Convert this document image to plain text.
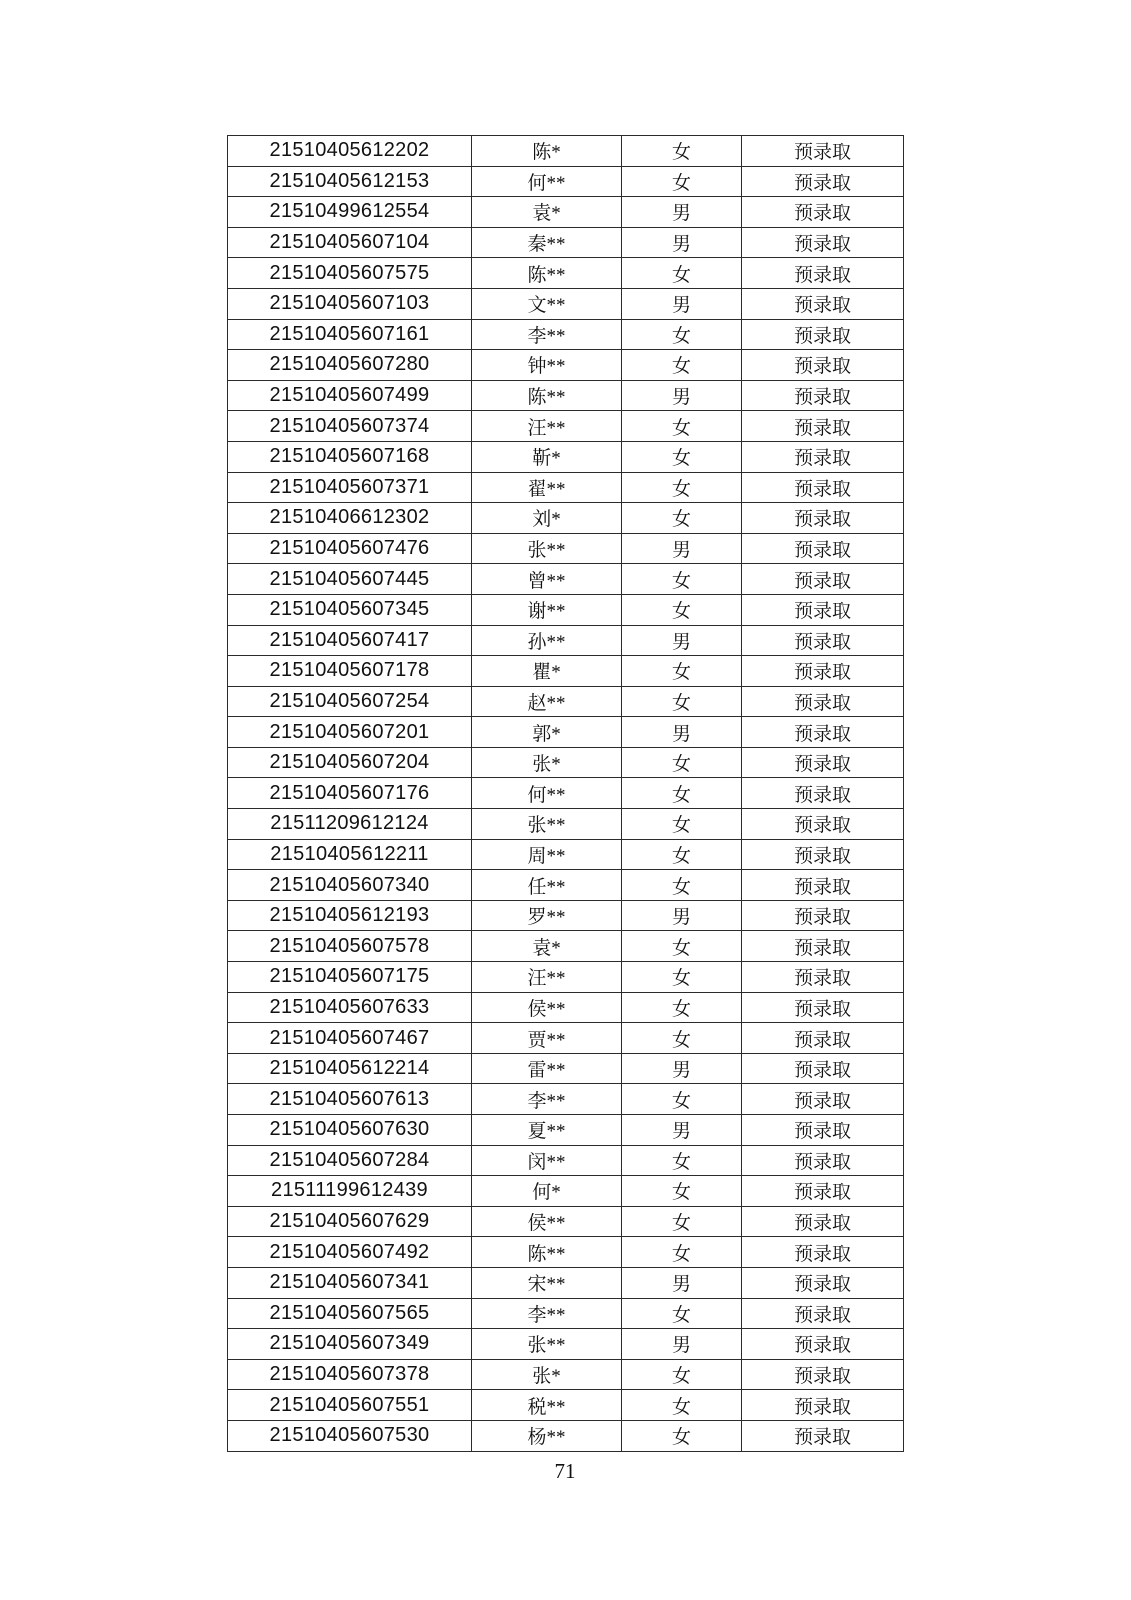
21510405612202	陈*	女	预录取
21510405612153	何**	女	预录取
21510499612554	袁*	男	预录取
21510405607104	秦**	男	预录取
21510405607575	陈**	女	预录取
21510405607103	文**	男	预录取
21510405607161	李**	女	预录取
21510405607280	钟**	女	预录取
21510405607499	陈**	男	预录取
21510405607374	汪**	女	预录取
21510405607168	靳*	女	预录取
21510405607371	翟**	女	预录取
21510406612302	刘*	女	预录取
21510405607476	张**	男	预录取
21510405607445	曾**	女	预录取
21510405607345	谢**	女	预录取
21510405607417	孙**	男	预录取
21510405607178	瞿*	女	预录取
21510405607254	赵**	女	预录取
21510405607201	郭*	男	预录取
21510405607204	张*	女	预录取
21510405607176	何**	女	预录取
21511209612124	张**	女	预录取
21510405612211	周**	女	预录取
21510405607340	任**	女	预录取
21510405612193	罗**	男	预录取
21510405607578	袁*	女	预录取
21510405607175	汪**	女	预录取
21510405607633	侯**	女	预录取
21510405607467	贾**	女	预录取
21510405612214	雷**	男	预录取
21510405607613	李**	女	预录取
21510405607630	夏**	男	预录取
21510405607284	闵**	女	预录取
21511199612439	何*	女	预录取
21510405607629	侯**	女	预录取
21510405607492	陈**	女	预录取
21510405607341	宋**	男	预录取
21510405607565	李**	女	预录取
21510405607349	张**	男	预录取
21510405607378	张*	女	预录取
21510405607551	税**	女	预录取
21510405607530	杨**	女	预录取
71
